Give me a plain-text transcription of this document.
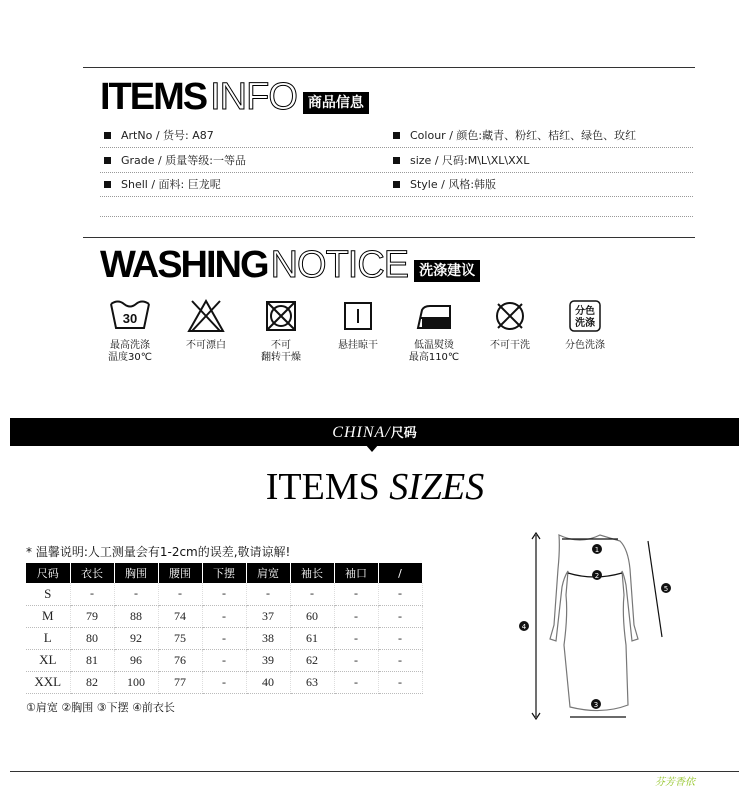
ITEMS INFO 商品信息
ArtNo / 货号: A87	Colour / 颜色:藏青、粉红、桔红、绿色、玫红
Grade / 质量等级:一等品	size / 尺码:M\L\XL\XXL
Shell / 面料: 巨龙呢	Style / 风格:韩版
WASHING NOTICE 洗涤建议
30
最高洗涤
温度30℃
不可漂白	不可
翻转干燥
悬挂晾干	低温熨烫
最高110℃
不可干洗
分色
洗涤
分色洗涤
CHINA/尺码
ITEMS SIZES
* 温馨说明:人工测量会有1-2cm的误差,敬请谅解!
尺码	衣长	胸围	腰围	下摆	肩宽	袖长	袖口	/
S	-	-	-	-	-	-	-	-
M	79	88	74	-	37	60	-	-
L	80	92	75	-	38	61	-	-
XL	81	96	76	-	39	62	-	-
XXL	82	100	77	-	40	63	-	-
①肩宽 ②胸围 ③下摆 ④前衣长
1
2
3
4
5
芬芳香依
